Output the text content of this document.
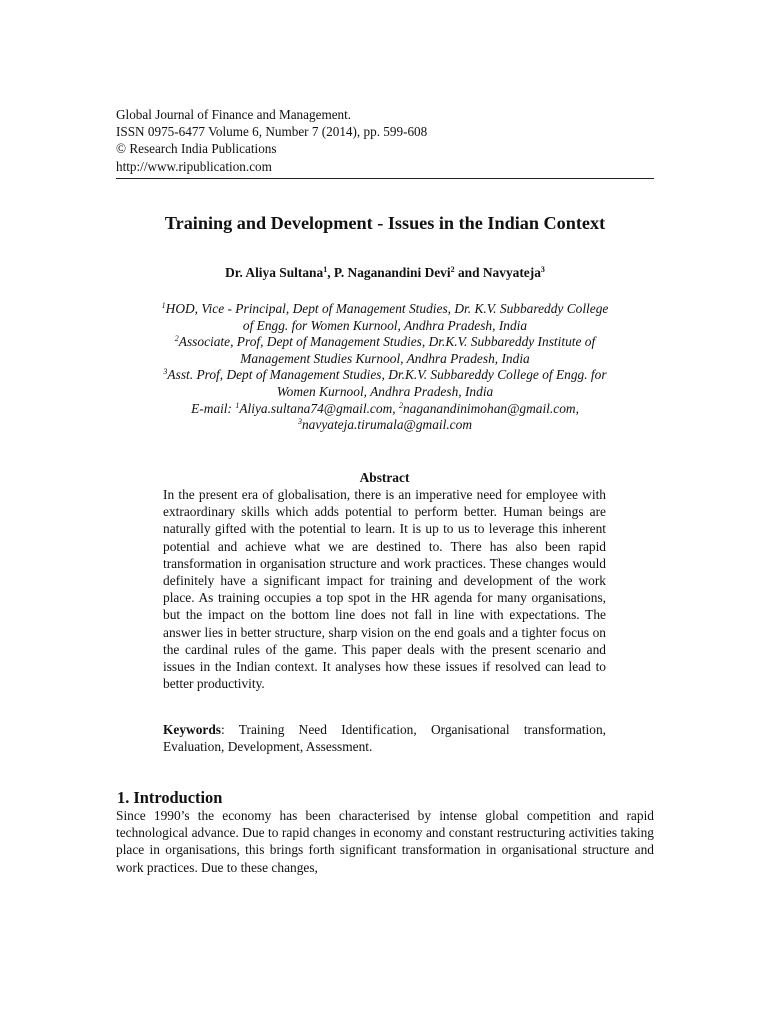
Global Journal of Finance and Management.
ISSN 0975-6477 Volume 6, Number 7 (2014), pp. 599-608
© Research India Publications
http://www.ripublication.com
Training and Development - Issues in the Indian Context
Dr. Aliya Sultana$^1$, P. Naganandini Devi$^2$ and Navyateja$^3$
$^1$HOD, Vice - Principal, Dept of Management Studies, Dr. K.V. Subbareddy College
of Engg. for Women Kurnool, Andhra Pradesh, India
$^2$Associate, Prof, Dept of Management Studies, Dr.K.V. Subbareddy Institute of
Management Studies Kurnool, Andhra Pradesh, India
$^3$Asst. Prof, Dept of Management Studies, Dr.K.V. Subbareddy College of Engg. for
Women Kurnool, Andhra Pradesh, India
E-mail: $^1$Aliya.sultana74@gmail.com, $^2$naganandinimohan@gmail.com,
$^3$navyateja.tirumala@gmail.com
Abstract
In the present era of globalisation, there is an imperative need for employee with extraordinary skills which adds potential to perform better. Human beings are naturally gifted with the potential to learn. It is up to us to leverage this inherent potential and achieve what we are destined to. There has also been rapid transformation in organisation structure and work practices. These changes would definitely have a significant impact for training and development of the work place. As training occupies a top spot in the HR agenda for many organisations, but the impact on the bottom line does not fall in line with expectations. The answer lies in better structure, sharp vision on the end goals and a tighter focus on the cardinal rules of the game. This paper deals with the present scenario and issues in the Indian context. It analyses how these issues if resolved can lead to better productivity.
Keywords: Training Need Identification, Organisational transformation, Evaluation, Development, Assessment.
1. Introduction
Since 1990’s the economy has been characterised by intense global competition and rapid technological advance. Due to rapid changes in economy and constant restructuring activities taking place in organisations, this brings forth significant transformation in organisational structure and work practices. Due to these changes,
